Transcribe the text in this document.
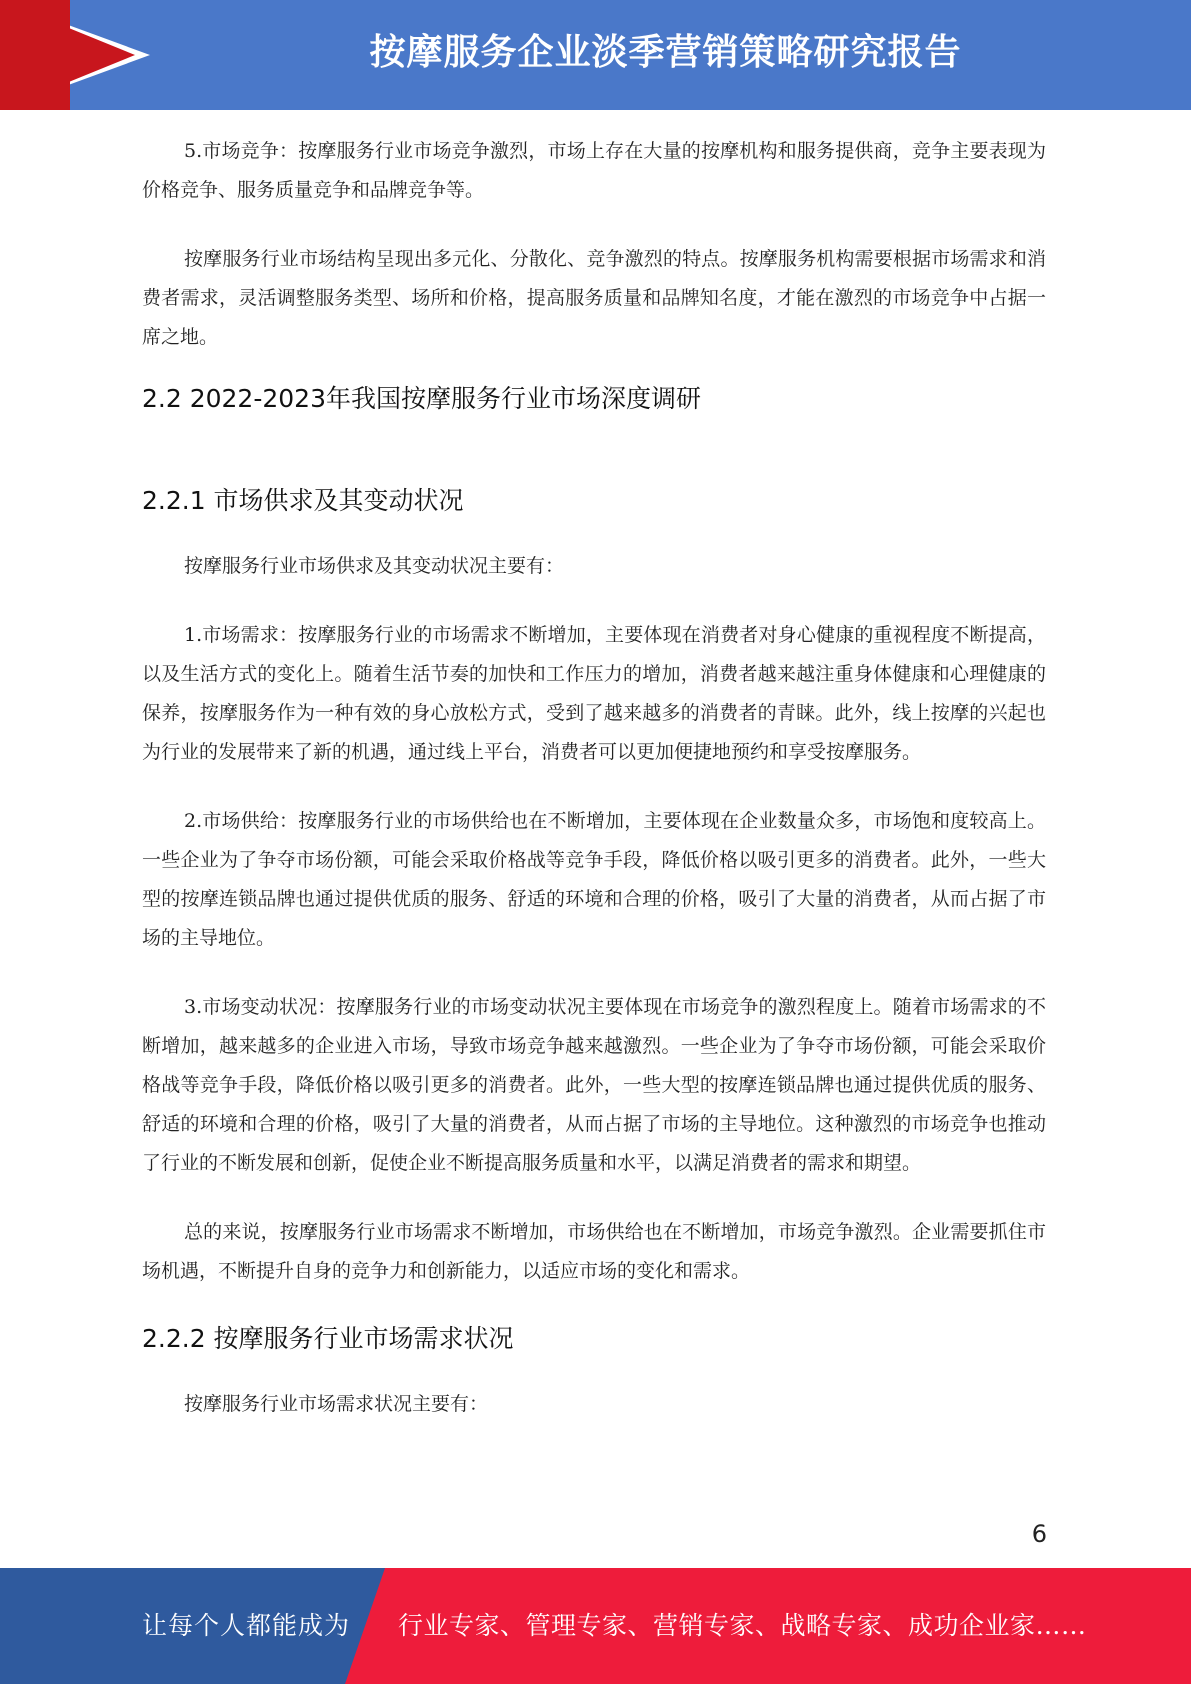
按摩服务企业淡季营销策略研究报告

5.市场竞争：按摩服务行业市场竞争激烈，市场上存在大量的按摩机构和服务提供商，竞争主要表现为价格竞争、服务质量竞争和品牌竞争等。

按摩服务行业市场结构呈现出多元化、分散化、竞争激烈的特点。按摩服务机构需要根据市场需求和消费者需求，灵活调整服务类型、场所和价格，提高服务质量和品牌知名度，才能在激烈的市场竞争中占据一席之地。

2.2 2022-2023年我国按摩服务行业市场深度调研
2.2.1 市场供求及其变动状况

按摩服务行业市场供求及其变动状况主要有：

1.市场需求：按摩服务行业的市场需求不断增加，主要体现在消费者对身心健康的重视程度不断提高，以及生活方式的变化上。随着生活节奏的加快和工作压力的增加，消费者越来越注重身体健康和心理健康的保养，按摩服务作为一种有效的身心放松方式，受到了越来越多的消费者的青睐。此外，线上按摩的兴起也为行业的发展带来了新的机遇，通过线上平台，消费者可以更加便捷地预约和享受按摩服务。

2.市场供给：按摩服务行业的市场供给也在不断增加，主要体现在企业数量众多，市场饱和度较高上。一些企业为了争夺市场份额，可能会采取价格战等竞争手段，降低价格以吸引更多的消费者。此外，一些大型的按摩连锁品牌也通过提供优质的服务、舒适的环境和合理的价格，吸引了大量的消费者，从而占据了市场的主导地位。

3.市场变动状况：按摩服务行业的市场变动状况主要体现在市场竞争的激烈程度上。随着市场需求的不断增加，越来越多的企业进入市场，导致市场竞争越来越激烈。一些企业为了争夺市场份额，可能会采取价格战等竞争手段，降低价格以吸引更多的消费者。此外，一些大型的按摩连锁品牌也通过提供优质的服务、舒适的环境和合理的价格，吸引了大量的消费者，从而占据了市场的主导地位。这种激烈的市场竞争也推动了行业的不断发展和创新，促使企业不断提高服务质量和水平，以满足消费者的需求和期望。

总的来说，按摩服务行业市场需求不断增加，市场供给也在不断增加，市场竞争激烈。企业需要抓住市场机遇，不断提升自身的竞争力和创新能力，以适应市场的变化和需求。

2.2.2 按摩服务行业市场需求状况

按摩服务行业市场需求状况主要有：

6
让每个人都能成为 行业专家、管理专家、营销专家、战略专家、成功企业家……
